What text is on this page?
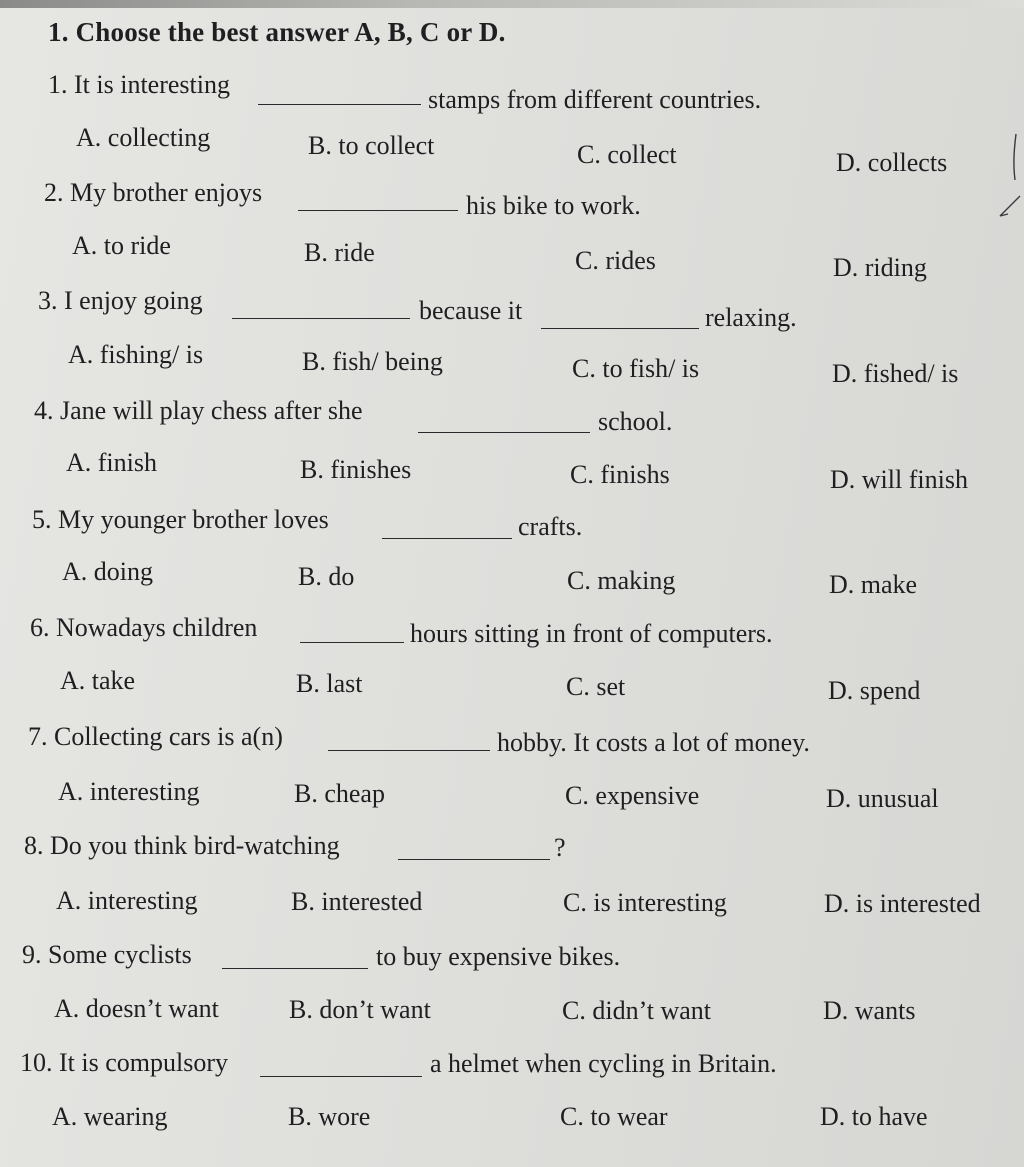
1. Choose the best answer A, B, C or D.
1. It is interesting
stamps from different countries.
A. collecting	B. to collect	C. collect	D. collects
2. My brother enjoys	his bike to work.
A. to ride	B. ride	C. rides	D. riding
3. I enjoy going	because it	relaxing.
A. fishing/ is	B. fish/ being	C. to fish/ is	D. fished/ is
4. Jane will play chess after she	school.
A. finish	B. finishes	C. finishs	D. will finish
5. My younger brother loves	crafts.
A. doing	B. do	C. making	D. make
6. Nowadays children	hours sitting in front of computers.
A. take	B. last	C. set	D. spend
7. Collecting cars is a(n)	hobby. It costs a lot of money.
A. interesting	B. cheap	C. expensive	D. unusual
8. Do you think bird-watching	?
A. interesting	B. interested	C. is interesting	D. is interested
9. Some cyclists	to buy expensive bikes.
A. doesn’t want	B. don’t want	C. didn’t want	D. wants
10. It is compulsory	a helmet when cycling in Britain.
A. wearing	B. wore	C. to wear	D. to have
